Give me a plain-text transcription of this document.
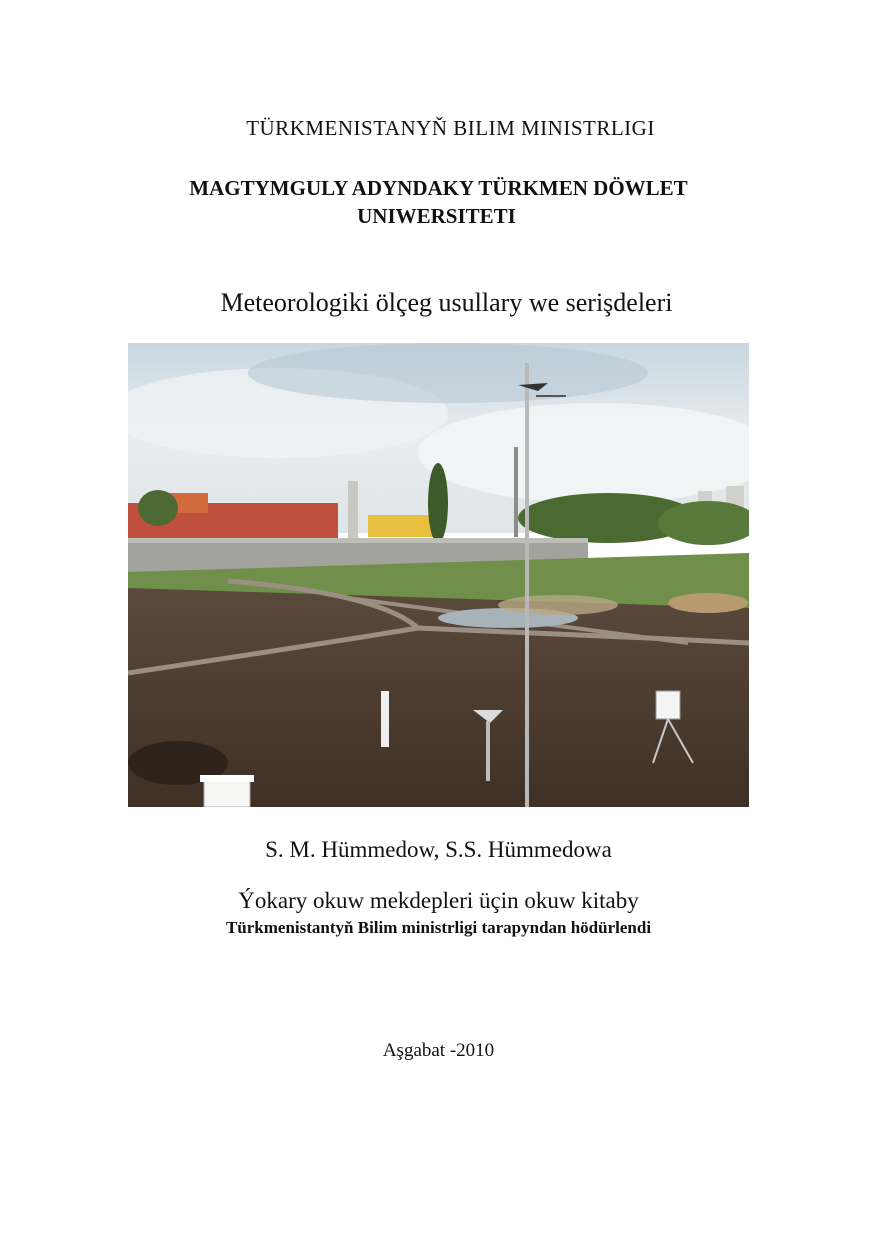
TÜRKMENISTANYŇ BILIM MINISTRLIGI
MAGTYMGULY ADYNDAKY TÜRKMEN DÖWLET
UNIWERSITETI
Meteorologiki ölçeg usullary we serişdeleri
S. M. Hümmedow, S.S. Hümmedowa
Ýokary okuw mekdepleri üçin okuw kitaby
Türkmenistantyň Bilim ministrligi tarapyndan hödürlendi
Aşgabat -2010
